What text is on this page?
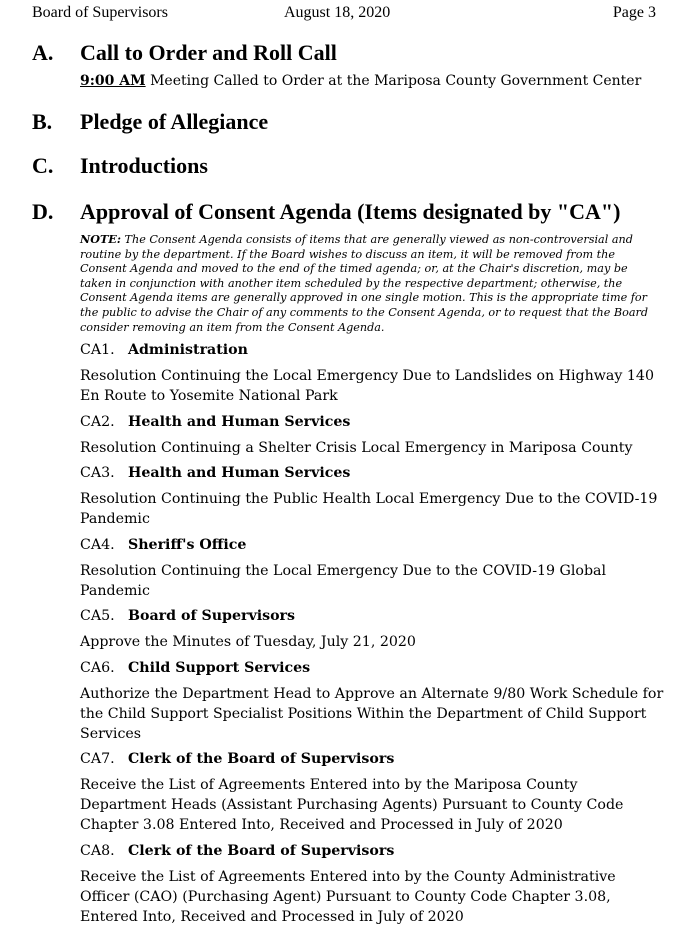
Board of Supervisors	August 18, 2020	Page 3
A. Call to Order and Roll Call
9:00 AM Meeting Called to Order at the Mariposa County Government Center
B. Pledge of Allegiance
C. Introductions
D. Approval of Consent Agenda (Items designated by "CA")
NOTE: The Consent Agenda consists of items that are generally viewed as non-controversial and routine by the department. If the Board wishes to discuss an item, it will be removed from the Consent Agenda and moved to the end of the timed agenda; or, at the Chair's discretion, may be taken in conjunction with another item scheduled by the respective department; otherwise, the Consent Agenda items are generally approved in one single motion. This is the appropriate time for the public to advise the Chair of any comments to the Consent Agenda, or to request that the Board consider removing an item from the Consent Agenda.
CA1. Administration
Resolution Continuing the Local Emergency Due to Landslides on Highway 140 En Route to Yosemite National Park
CA2. Health and Human Services
Resolution Continuing a Shelter Crisis Local Emergency in Mariposa County
CA3. Health and Human Services
Resolution Continuing the Public Health Local Emergency Due to the COVID-19 Pandemic
CA4. Sheriff's Office
Resolution Continuing the Local Emergency Due to the COVID-19 Global Pandemic
CA5. Board of Supervisors
Approve the Minutes of Tuesday, July 21, 2020
CA6. Child Support Services
Authorize the Department Head to Approve an Alternate 9/80 Work Schedule for the Child Support Specialist Positions Within the Department of Child Support Services
CA7. Clerk of the Board of Supervisors
Receive the List of Agreements Entered into by the Mariposa County Department Heads (Assistant Purchasing Agents) Pursuant to County Code Chapter 3.08 Entered Into, Received and Processed in July of 2020
CA8. Clerk of the Board of Supervisors
Receive the List of Agreements Entered into by the County Administrative Officer (CAO) (Purchasing Agent) Pursuant to County Code Chapter 3.08, Entered Into, Received and Processed in July of 2020
